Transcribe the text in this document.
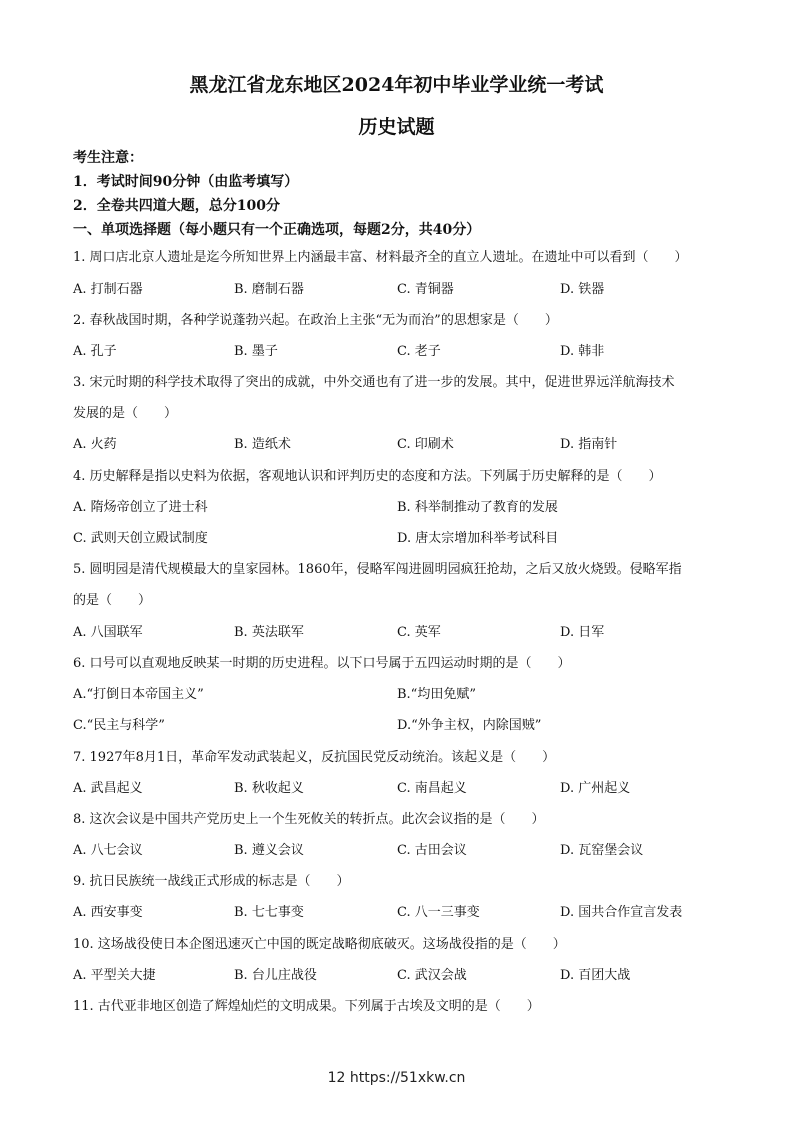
黑龙江省龙东地区2024年初中毕业学业统一考试
历史试题
考生注意：
1．考试时间90分钟（由监考填写）
2．全卷共四道大题，总分100分
一、单项选择题（每小题只有一个正确选项，每题2分，共40分）
1. 周口店北京人遗址是迄今所知世界上内涵最丰富、材料最齐全的直立人遗址。在遗址中可以看到（　　）
A. 打制石器	B. 磨制石器	C. 青铜器	D. 铁器
2. 春秋战国时期，各种学说蓬勃兴起。在政治上主张“无为而治”的思想家是（　　）
A. 孔子	B. 墨子	C. 老子	D. 韩非
3. 宋元时期的科学技术取得了突出的成就，中外交通也有了进一步的发展。其中，促进世界远洋航海技术
发展的是（　　）
A. 火药	B. 造纸术	C. 印刷术	D. 指南针
4. 历史解释是指以史料为依据，客观地认识和评判历史的态度和方法。下列属于历史解释的是（　　）
A. 隋炀帝创立了进士科	B. 科举制推动了教育的发展
C. 武则天创立殿试制度	D. 唐太宗增加科举考试科目
5. 圆明园是清代规模最大的皇家园林。1860年，侵略军闯进圆明园疯狂抢劫，之后又放火烧毁。侵略军指
的是（　　）
A. 八国联军	B. 英法联军	C. 英军	D. 日军
6. 口号可以直观地反映某一时期的历史进程。以下口号属于五四运动时期的是（　　）
A.“打倒日本帝国主义”	B.“均田免赋”
C.“民主与科学”	D.“外争主权，内除国贼”
7. 1927年8月1日，革命军发动武装起义，反抗国民党反动统治。该起义是（　　）
A. 武昌起义	B. 秋收起义	C. 南昌起义	D. 广州起义
8. 这次会议是中国共产党历史上一个生死攸关的转折点。此次会议指的是（　　）
A. 八七会议	B. 遵义会议	C. 古田会议	D. 瓦窑堡会议
9. 抗日民族统一战线正式形成的标志是（　　）
A. 西安事变	B. 七七事变	C. 八一三事变	D. 国共合作宣言发表
10. 这场战役使日本企图迅速灭亡中国的既定战略彻底破灭。这场战役指的是（　　）
A. 平型关大捷	B. 台儿庄战役	C. 武汉会战	D. 百团大战
11. 古代亚非地区创造了辉煌灿烂的文明成果。下列属于古埃及文明的是（　　）
12 https://51xkw.cn
